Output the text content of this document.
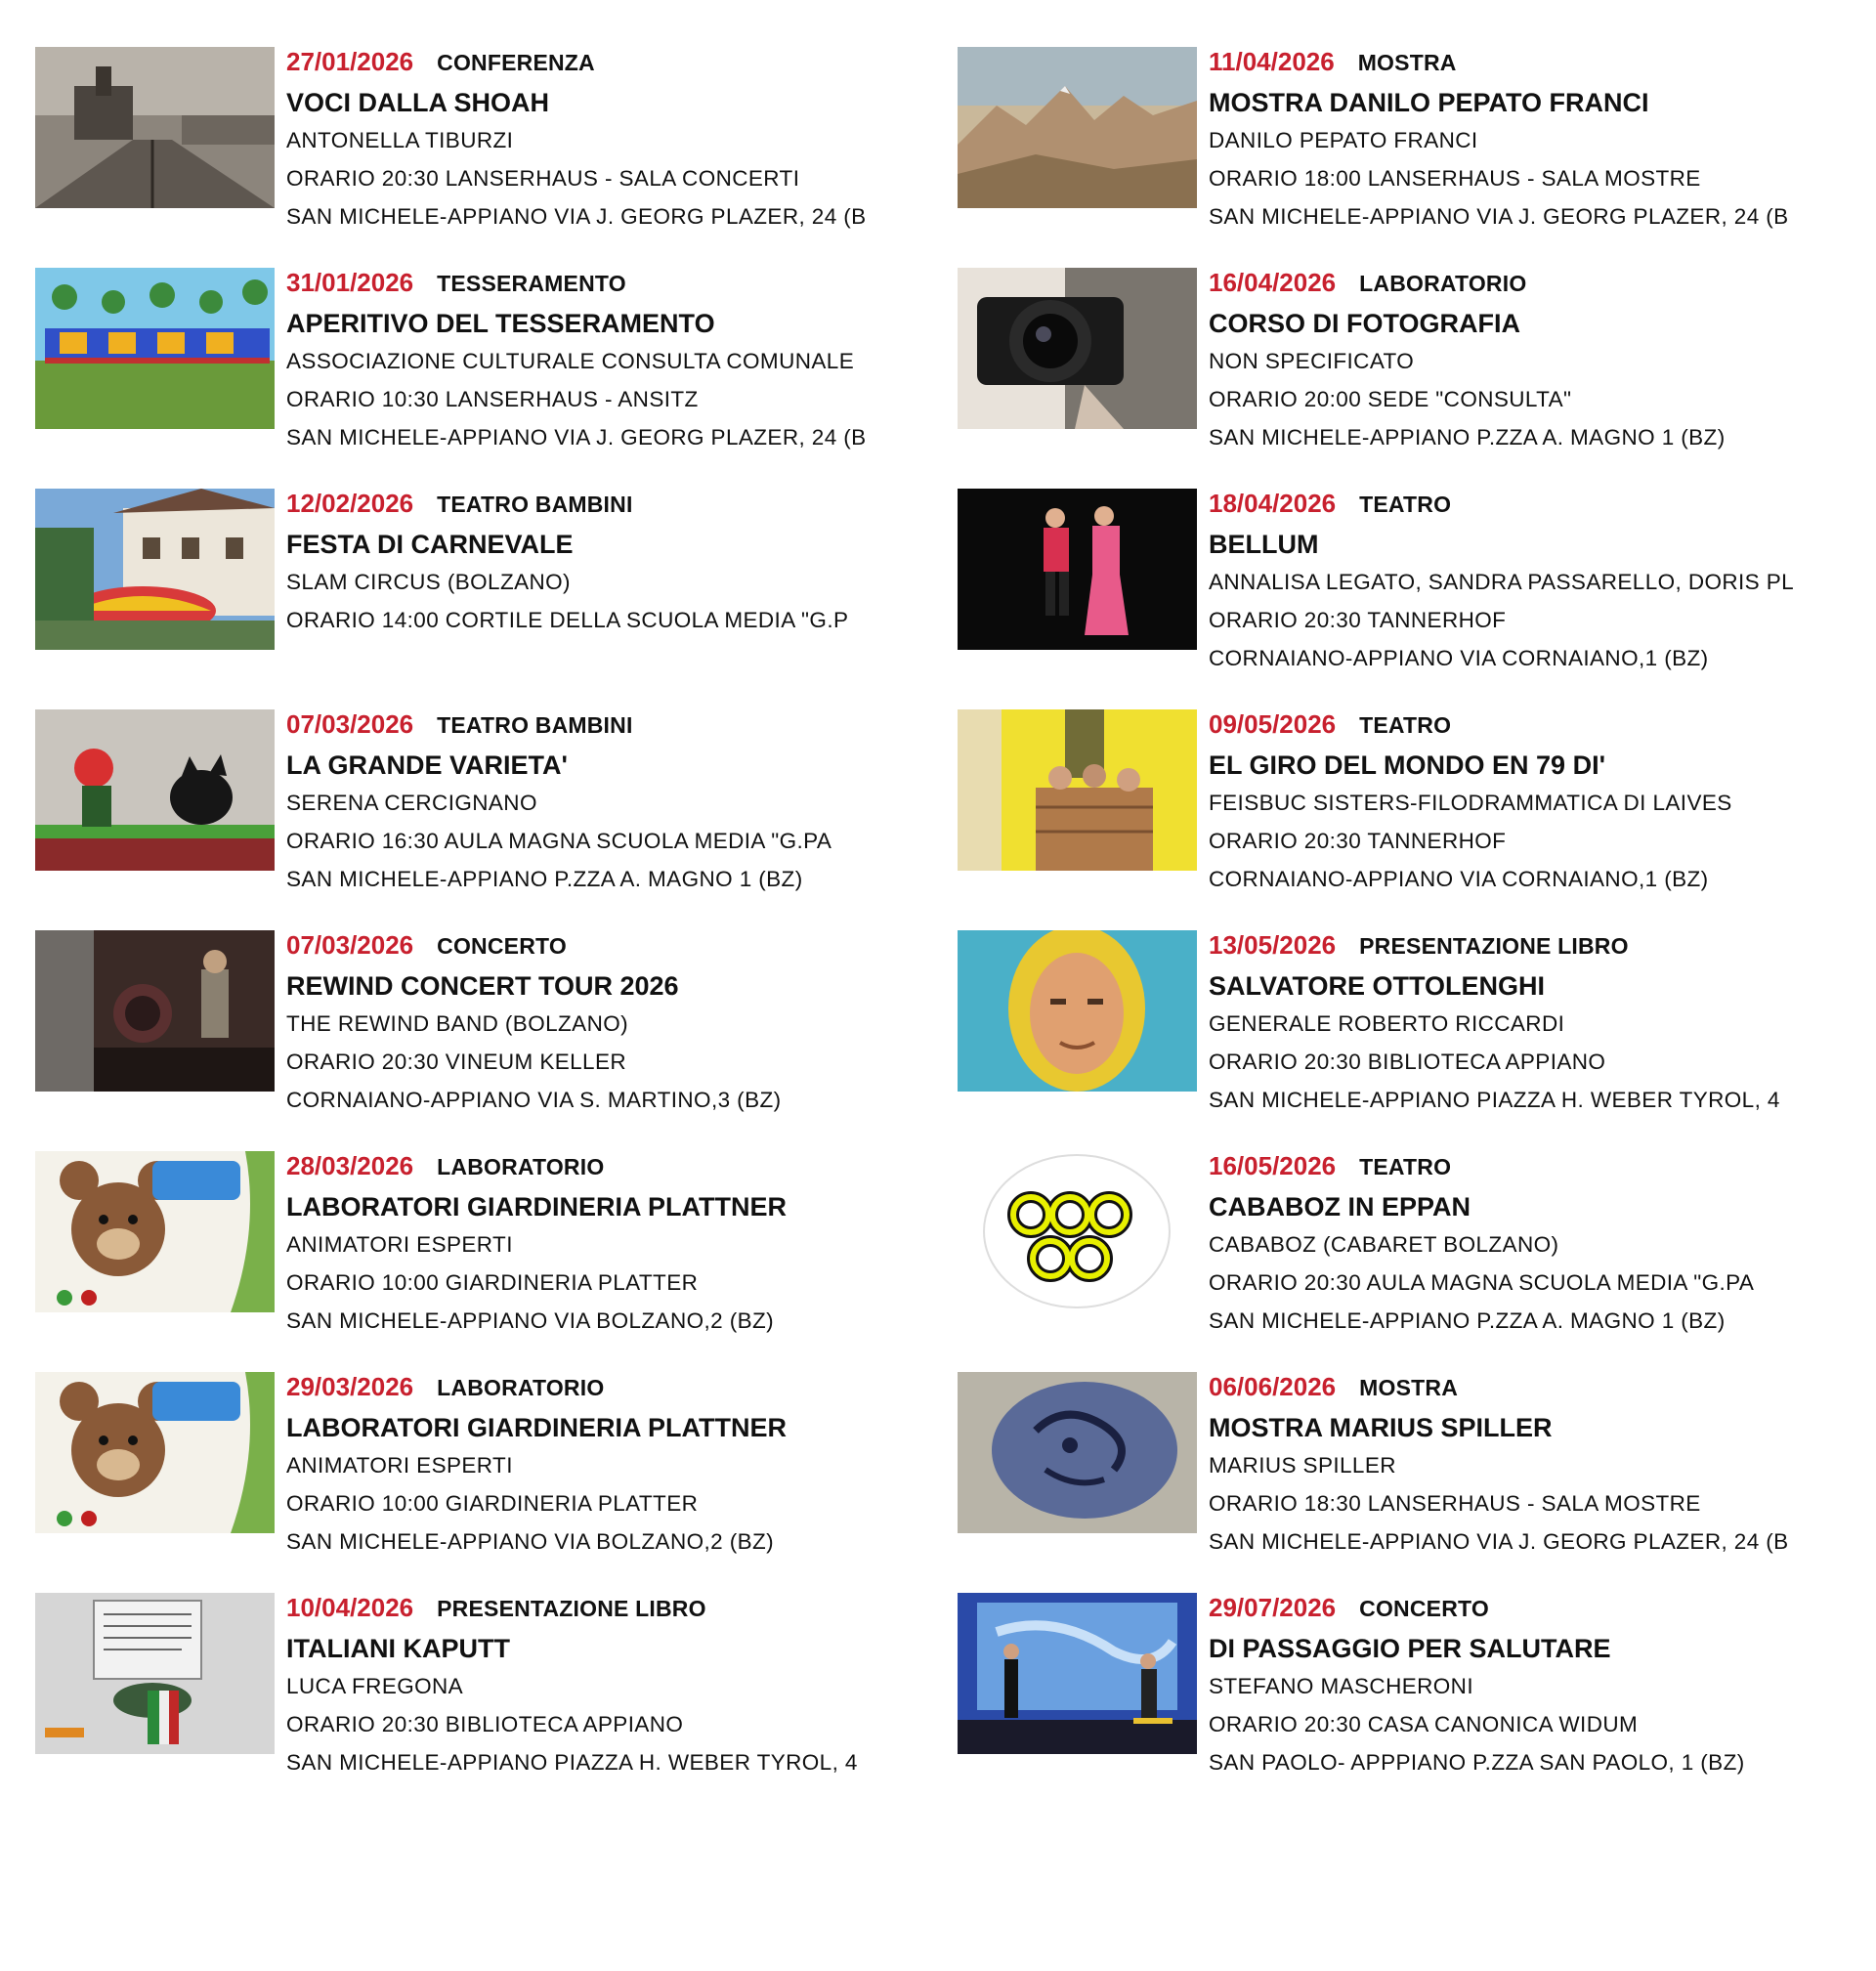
27/01/2026 CONFERENZA
VOCI DALLA SHOAH
ANTONELLA TIBURZI
ORARIO 20:30 LANSERHAUS - SALA CONCERTI
SAN MICHELE-APPIANO VIA J. GEORG PLAZER, 24 (B
31/01/2026 TESSERAMENTO
APERITIVO DEL TESSERAMENTO
ASSOCIAZIONE CULTURALE CONSULTA COMUNALE
ORARIO 10:30 LANSERHAUS - ANSITZ
SAN MICHELE-APPIANO VIA J. GEORG PLAZER, 24 (B
12/02/2026 TEATRO BAMBINI
FESTA DI CARNEVALE
SLAM CIRCUS (BOLZANO)
ORARIO 14:00 CORTILE DELLA SCUOLA MEDIA "G.P
07/03/2026 TEATRO BAMBINI
LA GRANDE VARIETA'
SERENA CERCIGNANO
ORARIO 16:30 AULA MAGNA SCUOLA MEDIA "G.PA
SAN MICHELE-APPIANO P.ZZA A. MAGNO 1 (BZ)
07/03/2026 CONCERTO
REWIND CONCERT TOUR 2026
THE REWIND BAND (BOLZANO)
ORARIO 20:30 VINEUM KELLER
CORNAIANO-APPIANO VIA S. MARTINO,3 (BZ)
28/03/2026 LABORATORIO
LABORATORI GIARDINERIA PLATTNER
ANIMATORI ESPERTI
ORARIO 10:00 GIARDINERIA PLATTER
SAN MICHELE-APPIANO VIA BOLZANO,2 (BZ)
29/03/2026 LABORATORIO
LABORATORI GIARDINERIA PLATTNER
ANIMATORI ESPERTI
ORARIO 10:00 GIARDINERIA PLATTER
SAN MICHELE-APPIANO VIA BOLZANO,2 (BZ)
10/04/2026 PRESENTAZIONE LIBRO
ITALIANI KAPUTT
LUCA FREGONA
ORARIO 20:30 BIBLIOTECA APPIANO
SAN MICHELE-APPIANO PIAZZA H. WEBER TYROL, 4
11/04/2026 MOSTRA
MOSTRA DANILO PEPATO FRANCI
DANILO PEPATO FRANCI
ORARIO 18:00 LANSERHAUS - SALA MOSTRE
SAN MICHELE-APPIANO VIA J. GEORG PLAZER, 24 (B
16/04/2026 LABORATORIO
CORSO DI FOTOGRAFIA
NON SPECIFICATO
ORARIO 20:00 SEDE "CONSULTA"
SAN MICHELE-APPIANO P.ZZA A. MAGNO 1 (BZ)
18/04/2026 TEATRO
BELLUM
ANNALISA LEGATO, SANDRA PASSARELLO, DORIS PL
ORARIO 20:30 TANNERHOF
CORNAIANO-APPIANO VIA CORNAIANO,1 (BZ)
09/05/2026 TEATRO
EL GIRO DEL MONDO EN 79 DI'
FEISBUC SISTERS-FILODRAMMATICA DI LAIVES
ORARIO 20:30 TANNERHOF
CORNAIANO-APPIANO VIA CORNAIANO,1 (BZ)
13/05/2026 PRESENTAZIONE LIBRO
SALVATORE OTTOLENGHI
GENERALE ROBERTO RICCARDI
ORARIO 20:30 BIBLIOTECA APPIANO
SAN MICHELE-APPIANO PIAZZA H. WEBER TYROL, 4
16/05/2026 TEATRO
CABABOZ IN EPPAN
CABABOZ (CABARET BOLZANO)
ORARIO 20:30 AULA MAGNA SCUOLA MEDIA "G.PA
SAN MICHELE-APPIANO P.ZZA A. MAGNO 1 (BZ)
06/06/2026 MOSTRA
MOSTRA MARIUS SPILLER
MARIUS SPILLER
ORARIO 18:30 LANSERHAUS - SALA MOSTRE
SAN MICHELE-APPIANO VIA J. GEORG PLAZER, 24 (B
29/07/2026 CONCERTO
DI PASSAGGIO PER SALUTARE
STEFANO MASCHERONI
ORARIO 20:30 CASA CANONICA WIDUM
SAN PAOLO- APPPIANO P.ZZA SAN PAOLO, 1 (BZ)
